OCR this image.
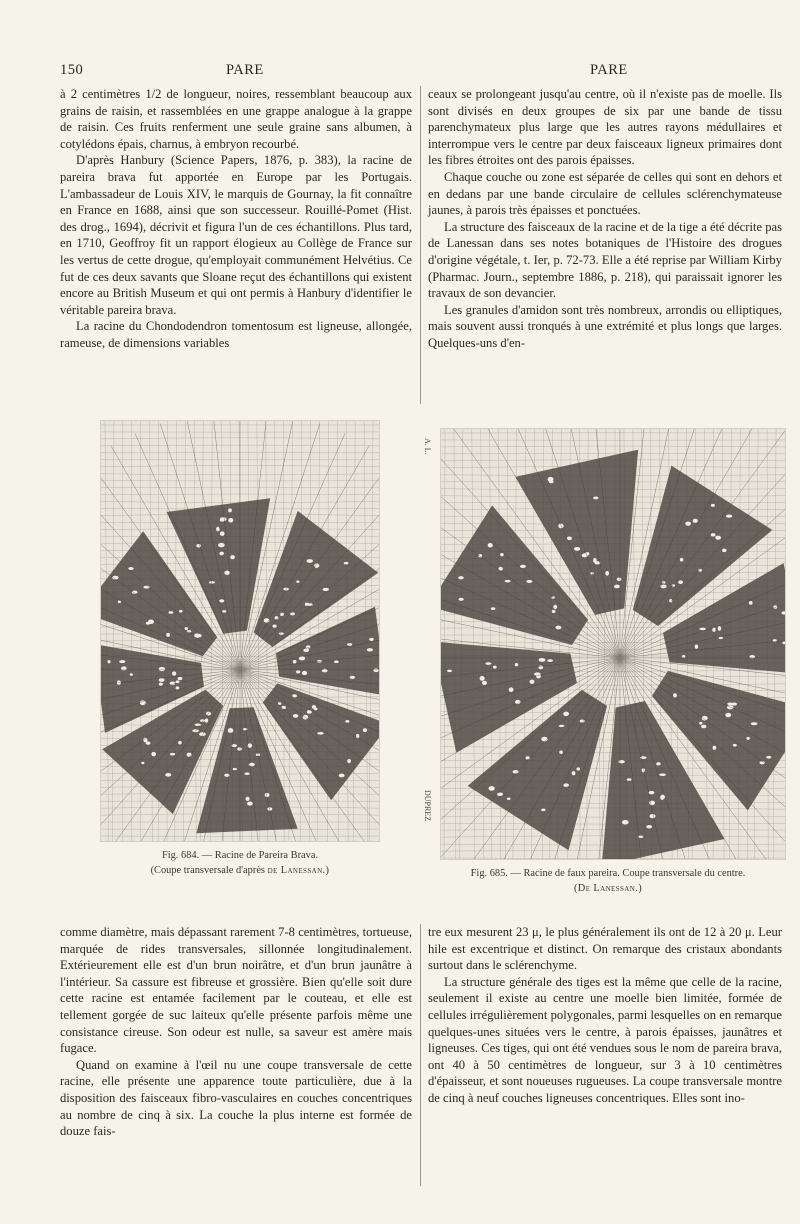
150	PARE	PARE

à 2 centimètres 1/2 de longueur, noires, ressemblant beaucoup aux grains de raisin, et rassemblées en une grappe analogue à la grappe de raisin. Ces fruits renferment une seule graine sans albumen, à cotylédons épais, charnus, à embryon recourbé.

D'après Hanbury (Science Papers, 1876, p. 383), la racine de pareira brava fut apportée en Europe par les Portugais. L'ambassadeur de Louis XIV, le marquis de Gournay, la fit connaître en France en 1688, ainsi que son successeur. Rouillé-Pomet (Hist. des drog., 1694), décrivit et figura l'un de ces échantillons. Plus tard, en 1710, Geoffroy fit un rapport élogieux au Collège de France sur les vertus de cette drogue, qu'employait communément Helvétius. Ce fut de ces deux savants que Sloane reçut des échantillons qui existent encore au British Museum et qui ont permis à Hanbury d'identifier le véritable pareira brava.

La racine du Chondodendron tomentosum est ligneuse, allongée, rameuse, de dimensions variables

ceaux se prolongeant jusqu'au centre, où il n'existe pas de moelle. Ils sont divisés en deux groupes de six par une bande de tissu parenchymateux plus large que les autres rayons médullaires et interrompue vers le centre par deux faisceaux ligneux primaires dont les fibres étroites ont des parois épaisses.

Chaque couche ou zone est séparée de celles qui sont en dehors et en dedans par une bande circulaire de cellules sclérenchymateuse jaunes, à parois très épaisses et ponctuées.

La structure des faisceaux de la racine et de la tige a été décrite pas de Lanessan dans ses notes botaniques de l'Histoire des drogues d'origine végétale, t. Ier, p. 72-73. Elle a été reprise par William Kirby (Pharmac. Journ., septembre 1886, p. 218), qui paraissait ignorer les travaux de son devancier.

Les granules d'amidon sont très nombreux, arrondis ou elliptiques, mais souvent aussi tronqués à une extrémité et plus longs que larges. Quelques-uns d'en-

Fig. 684. — Racine de Pareira Brava.
(Coupe transversale d'après de Lanessan.)
A. L.
DUPREZ
Fig. 685. — Racine de faux pareira. Coupe transversale du centre.
(De Lanessan.)

comme diamètre, mais dépassant rarement 7-8 centimètres, tortueuse, marquée de rides transversales, sillonnée longitudinalement. Extérieurement elle est d'un brun noirâtre, et d'un brun jaunâtre à l'intérieur. Sa cassure est fibreuse et grossière. Bien qu'elle soit dure cette racine est entamée facilement par le couteau, et elle est tellement gorgée de suc laiteux qu'elle présente parfois même une consistance cireuse. Son odeur est nulle, sa saveur est amère mais fugace.

Quand on examine à l'œil nu une coupe transversale de cette racine, elle présente une apparence toute particulière, due à la disposition des faisceaux fibro-vasculaires en couches concentriques au nombre de cinq à six. La couche la plus interne est formée de douze fais-

tre eux mesurent 23 μ, le plus généralement ils ont de 12 à 20 μ. Leur hile est excentrique et distinct. On remarque des cristaux abondants surtout dans le sclérenchyme.

La structure générale des tiges est la même que celle de la racine, seulement il existe au centre une moelle bien limitée, formée de cellules irrégulièrement polygonales, parmi lesquelles on en remarque quelques-unes situées vers le centre, à parois épaisses, jaunâtres et ligneuses. Ces tiges, qui ont été vendues sous le nom de pareira brava, ont 40 à 50 centimètres de longueur, sur 3 à 10 centimètres d'épaisseur, et sont noueuses rugueuses. La coupe transversale montre de cinq à neuf couches ligneuses concentriques. Elles sont ino-
